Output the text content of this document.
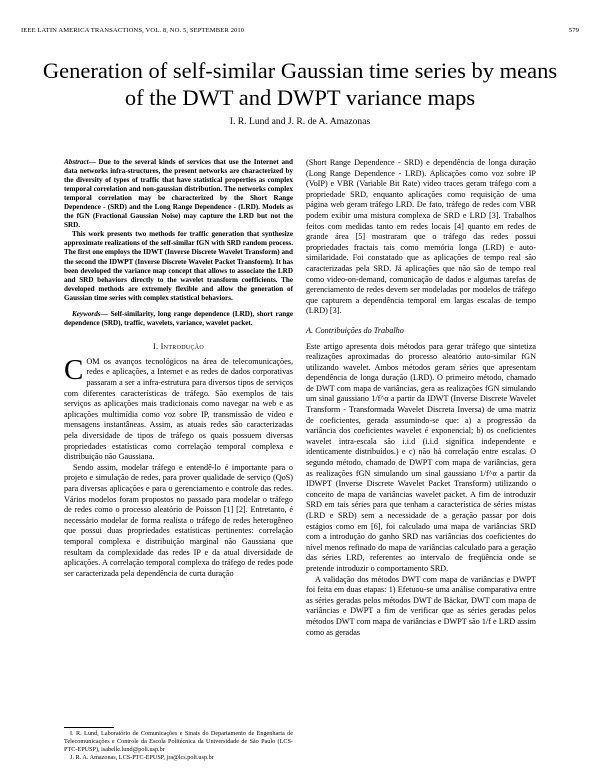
IEEE LATIN AMERICA TRANSACTIONS, VOL. 8, NO. 5, SEPTEMBER 2010	579
Generation of self-similar Gaussian time series by means of the DWT and DWPT variance maps
I. R. Lund and J. R. de A. Amazonas

Abstract— Due to the several kinds of services that use the Internet and data networks infra-structures, the present networks are characterized by the diversity of types of traffic that have statistical properties as complex temporal correlation and non-gaussian distribution. The networks complex temporal correlation may be characterized by the Short Range Dependence - (SRD) and the Long Range Dependence - (LRD). Models as the fGN (Fractional Gaussian Noise) may capture the LRD but not the SRD.

This work presents two methods for traffic generation that synthesize approximate realizations of the self-similar fGN with SRD random process. The first one employs the IDWT (Inverse Discrete Wavelet Transform) and the second the IDWPT (Inverse Discrete Wavelet Packet Transform). It has been developed the variance map concept that allows to associate the LRD and SRD behaviors directly to the wavelet transform coefficients. The developed methods are extremely flexible and allow the generation of Gaussian time series with complex statistical behaviors.

Keywords— Self-similarity, long range dependence (LRD), short range dependence (SRD), traffic, wavelets, variance, wavelet packet.

I. Introdução

COM os avanços tecnológicos na área de telecomunicações, redes e aplicações, a Internet e as redes de dados corporativas passaram a ser a infra-estrutura para diversos tipos de serviços com diferentes características de tráfego. São exemplos de tais serviços as aplicações mais tradicionais como navegar na web e as aplicações multimídia como voz sobre IP, transmissão de vídeo e mensagens instantâneas. Assim, as atuais redes são caracterizadas pela diversidade de tipos de tráfego os quais possuem diversas propriedades estatísticas como correlação temporal complexa e distribuição não Gaussiana.

Sendo assim, modelar tráfego e entendê-lo é importante para o projeto e simulação de redes, para prover qualidade de serviço (QoS) para diversas aplicações e para o gerenciamento e controle das redes. Vários modelos foram propostos no passado para modelar o tráfego de redes como o processo aleatório de Poisson [1] [2]. Entretanto, é necessário modelar de forma realista o tráfego de redes heterogêneo que possui duas propriedades estatísticas pertinentes: correlação temporal complexa e distribuição marginal não Gaussiana que resultam da complexidade das redes IP e da atual diversidade de aplicações. A correlação temporal complexa do tráfego de redes pode ser caracterizada pela dependência de curta duração

I. R. Lund, Laboratório de Comunicações e Sinais do Departamento de Engenharia de Telecomunicações e Controle da Escola Politécnica da Universidade de São Paulo (LCS-PTC-EPUSP), isabelle.lund@poli.usp.br

J. R. A. Amazonas, LCS-PTC-EPUSP, jra@lcs.poli.usp.br

(Short Range Dependence - SRD) e dependência de longa duração (Long Range Dependence - LRD). Aplicações como voz sobre IP (VoIP) e VBR (Variable Bit Rate) video traces geram tráfego com a propriedade SRD, enquanto aplicações como requisição de uma página web geram tráfego LRD. De fato, tráfego de redes com VBR podem exibir uma mistura complexa de SRD e LRD [3]. Trabalhos feitos com medidas tanto em redes locais [4] quanto em redes de grande área [5] mostraram que o tráfego das redes possui propriedades fractais tais como memória longa (LRD) e auto-similaridade. Foi constatado que as aplicações de tempo real são caracterizadas pela SRD. Já aplicações que não são de tempo real como video-on-demand, comunicação de dados e algumas tarefas de gerenciamento de redes devem ser modeladas por modelos de tráfego que capturem a dependência temporal em largas escalas de tempo (LRD) [3].

A. Contribuições do Trabalho

Este artigo apresenta dois métodos para gerar tráfego que sintetiza realizações aproximadas do processo aleatório auto-similar fGN utilizando wavelet. Ambos métodos geram séries que apresentam dependência de longa duração (LRD). O primeiro método, chamado de DWT com mapa de variâncias, gera as realizações fGN simulando um sinal gaussiano 1/f^α a partir da IDWT (Inverse Discrete Wavelet Transform - Transformada Wavelet Discreta Inversa) de uma matriz de coeficientes, gerada assumindo-se que: a) a progressão da variância dos coeficientes wavelet é exponencial; b) os coeficientes wavelet intra-escala são i.i.d (i.i.d significa independente e identicamente distribuídos.) e c) não há correlação entre escalas. O segundo método, chamado de DWPT com mapa de variâncias, gera as realizações fGN simulando um sinal gaussiano 1/f^α a partir da IDWPT (Inverse Discrete Wavelet Packet Transform) utilizando o conceito de mapa de variâncias wavelet packet. A fim de introduzir SRD em tais séries para que tenham a característica de séries mistas (LRD e SRD) sem a necessidade de a geração passar por dois estágios como em [6], foi calculado uma mapa de variâncias SRD com a introdução do ganho SRD nas variâncias dos coeficientes do nível menos refinado do mapa de variâncias calculado para a geração das séries LRD, referentes ao intervalo de freqüência onde se pretende introduzir o comportamento SRD.

A validação dos métodos DWT com mapa de variâncias e DWPT foi feita em duas etapas: 1) Efetuou-se uma análise comparativa entre as séries geradas pelos métodos DWT de Bäckar, DWT com mapa de variâncias e DWPT a fim de verificar que as séries geradas pelos métodos DWT com mapa de variâncias e DWPT são 1/f e LRD assim como as geradas
